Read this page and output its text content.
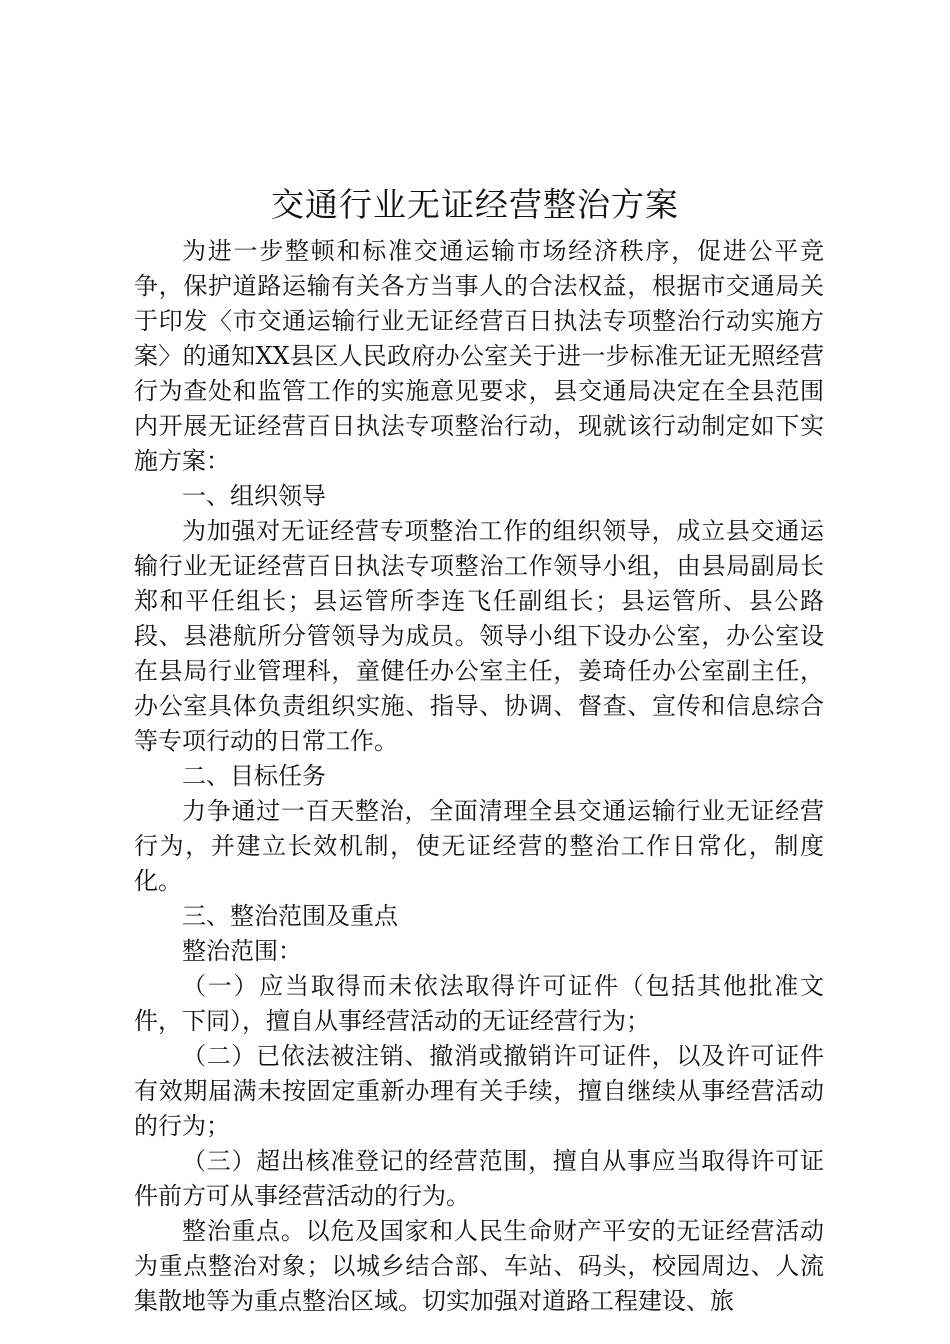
交通行业无证经营整治方案

为进一步整顿和标准交通运输市场经济秩序，促进公平竞争，保护道路运输有关各方当事人的合法权益，根据市交通局关于印发〈市交通运输行业无证经营百日执法专项整治行动实施方案〉的通知XX县区人民政府办公室关于进一步标准无证无照经营行为查处和监管工作的实施意见要求，县交通局决定在全县范围内开展无证经营百日执法专项整治行动，现就该行动制定如下实施方案：

一、组织领导

为加强对无证经营专项整治工作的组织领导，成立县交通运输行业无证经营百日执法专项整治工作领导小组，由县局副局长郑和平任组长；县运管所李连飞任副组长；县运管所、县公路段、县港航所分管领导为成员。领导小组下设办公室，办公室设在县局行业管理科，童健任办公室主任，姜琦任办公室副主任，办公室具体负责组织实施、指导、协调、督查、宣传和信息综合等专项行动的日常工作。

二、目标任务

力争通过一百天整治，全面清理全县交通运输行业无证经营行为，并建立长效机制，使无证经营的整治工作日常化，制度化。

三、整治范围及重点

整治范围：

（一）应当取得而未依法取得许可证件（包括其他批准文件，下同），擅自从事经营活动的无证经营行为；

（二）已依法被注销、撤消或撤销许可证件，以及许可证件有效期届满未按固定重新办理有关手续，擅自继续从事经营活动的行为；

（三）超出核准登记的经营范围，擅自从事应当取得许可证件前方可从事经营活动的行为。

整治重点。以危及国家和人民生命财产平安的无证经营活动为重点整治对象；以城乡结合部、车站、码头，校园周边、人流集散地等为重点整治区域。切实加强对道路工程建设、旅
